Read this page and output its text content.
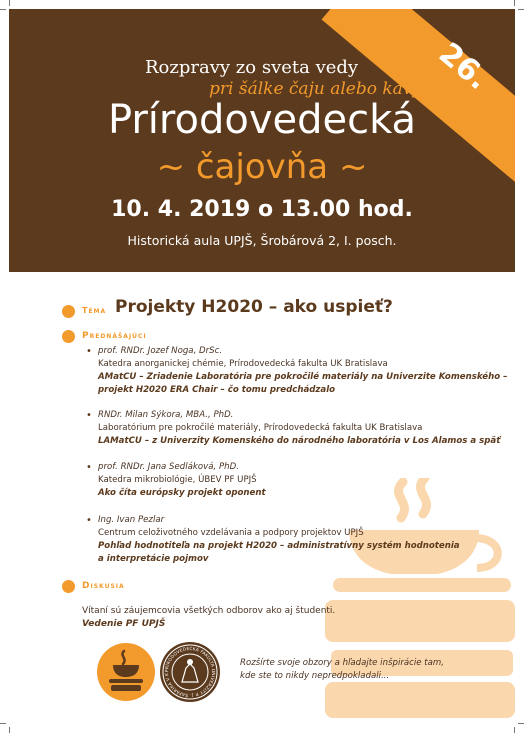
26.
Rozpravy zo sveta vedy
pri šálke čaju alebo kávy
Prírodovedecká
~ čajovňa ~
10. 4. 2019 o 13.00 hod.
Historická aula UPJŠ, Šrobárová 2, I. posch.
Téma Projekty H2020 – ako uspieť?
Prednášajúci
• prof. RNDr. Jozef Noga, DrSc.
Katedra anorganickej chémie, Prírodovedecká fakulta UK Bratislava
AMatCU – Zriadenie Laboratória pre pokročilé materiály na Univerzite Komenského –
projekt H2020 ERA Chair – čo tomu predchádzalo
• RNDr. Milan Sýkora, MBA., PhD.
Laboratórium pre pokročilé materiály, Prírodovedecká fakulta UK Bratislava
LAMatCU – z Univerzity Komenského do národného laboratória v Los Alamos a späť
• prof. RNDr. Jana Sedláková, PhD.
Katedra mikrobiológie, ÚBEV PF UPJŠ
Ako číta európsky projekt oponent
• Ing. Ivan Pezlar
Centrum celoživotného vzdelávania a podpory projektov UPJŠ
Pohľad hodnotiteľa na projekt H2020 – administratívny systém hodnotenia
a interpretácie pojmov
Diskusia
Vítaní sú záujemcovia všetkých odborov ako aj študenti.
Vedenie PF UPJŠ
PRÍRODOVEDECKÁ FAKULTA UNIVERZITY P. J. ŠAFÁRIKA V K
Rozšírte svoje obzory a hľadajte inšpirácie tam,
kde ste to nikdy nepredpokladali...
